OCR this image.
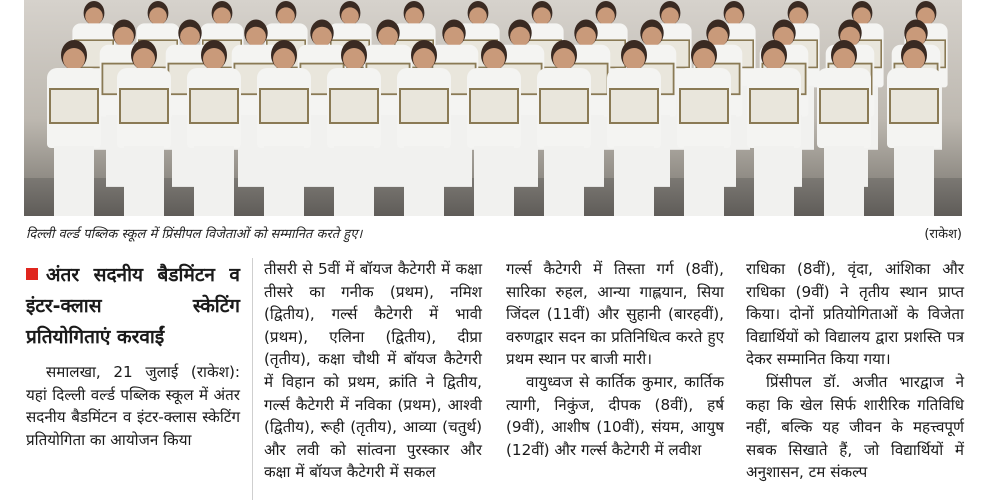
दिल्ली वर्ल्ड पब्लिक स्कूल में प्रिंसीपल विजेताओं को सम्मानित करते हुए।	(राकेश)
अंतर सदनीय बैडमिंटन व इंटर-क्लास स्केटिंग प्रतियोगिताएं करवाईं

समालखा, 21 जुलाई (राकेश): यहां दिल्ली वर्ल्ड पब्लिक स्कूल में अंतर सदनीय बैडमिंटन व इंटर-क्लास स्केटिंग प्रतियोगिता का आयोजन किया

तीसरी से 5वीं में बॉयज कैटेगरी में कक्षा तीसरे का गनीक (प्रथम), नमिश (द्वितीय), गर्ल्स कैटेगरी में भावी (प्रथम), एलिना (द्वितीय), दीप्रा (तृतीय), कक्षा चौथी में बॉयज कैटेगरी में विहान को प्रथम, क्रांति ने द्वितीय, गर्ल्स कैटेगरी में नविका (प्रथम), आश्वी (द्वितीय), रूही (तृतीय), आव्या (चतुर्थ) और लवी को सांत्वना पुरस्कार और कक्षा में बॉयज कैटेगरी में सकल

गर्ल्स कैटेगरी में तिस्ता गर्ग (8वीं), सारिका रुहल, आन्या गाह्लयान, सिया जिंदल (11वीं) और सुहानी (बारहवीं), वरुणद्वार सदन का प्रतिनिधित्व करते हुए प्रथम स्थान पर बाजी मारी।

वायुध्वज से कार्तिक कुमार, कार्तिक त्यागी, निकुंज, दीपक (8वीं), हर्ष (9वीं), आशीष (10वीं), संयम, आयुष (12वीं) और गर्ल्स कैटेगरी में लवीश

राधिका (8वीं), वृंदा, आंशिका और राधिका (9वीं) ने तृतीय स्थान प्राप्त किया। दोनों प्रतियोगिताओं के विजेता विद्यार्थियों को विद्यालय द्वारा प्रशस्ति पत्र देकर सम्मानित किया गया।

प्रिंसीपल डॉ. अजीत भारद्वाज ने कहा कि खेल सिर्फ शारीरिक गतिविधि नहीं, बल्कि यह जीवन के महत्त्वपूर्ण सबक सिखाते हैं, जो विद्यार्थियों में अनुशासन, टम संकल्प
